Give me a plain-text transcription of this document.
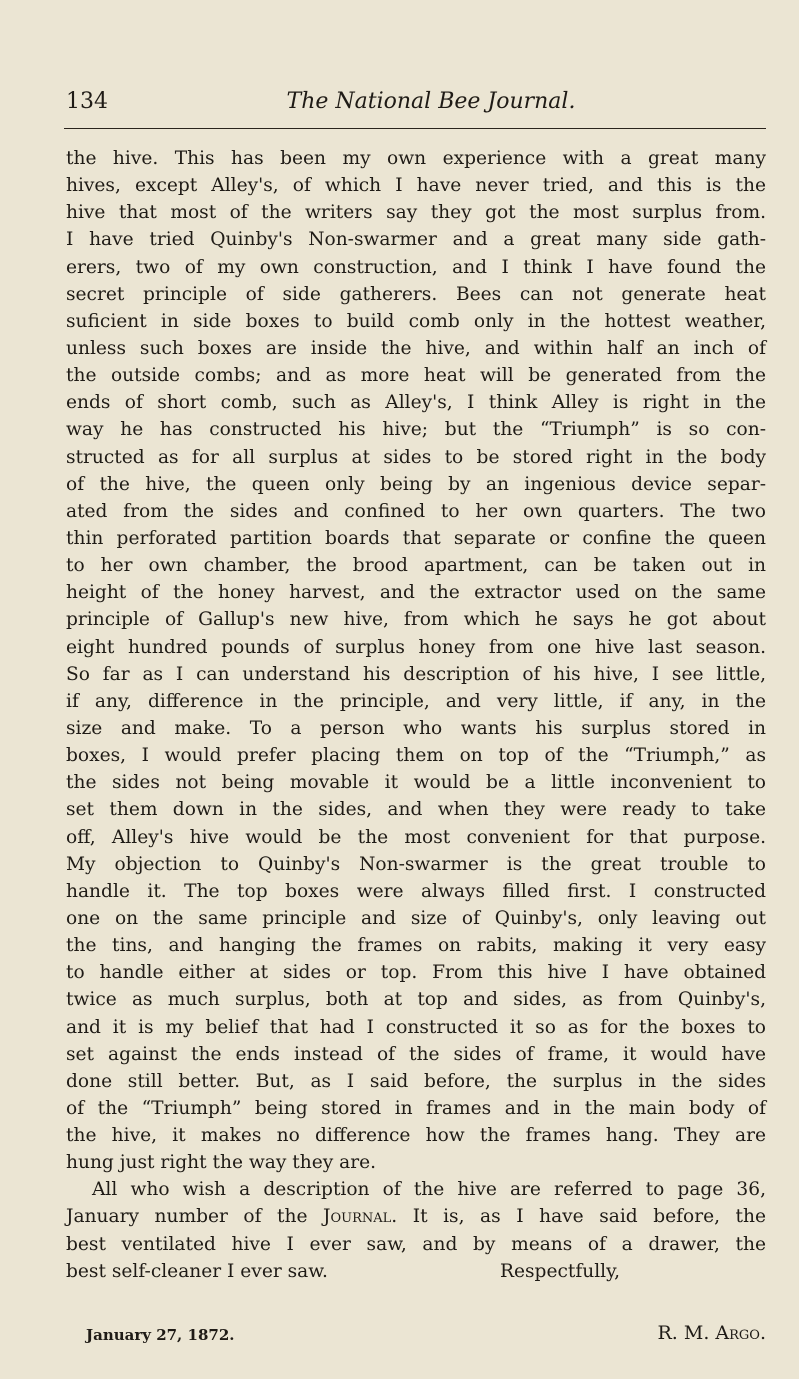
134	The National Bee Journal.
the hive. This has been my own experience with a great many
hives, except Alley's, of which I have never tried, and this is the
hive that most of the writers say they got the most surplus from.
I have tried Quinby's Non-swarmer and a great many side gath-
erers, two of my own construction, and I think I have found the
secret principle of side gatherers. Bees can not generate heat
suficient in side boxes to build comb only in the hottest weather,
unless such boxes are inside the hive, and within half an inch of
the outside combs; and as more heat will be generated from the
ends of short comb, such as Alley's, I think Alley is right in the
way he has constructed his hive; but the “Triumph” is so con-
structed as for all surplus at sides to be stored right in the body
of the hive, the queen only being by an ingenious device separ-
ated from the sides and confined to her own quarters. The two
thin perforated partition boards that separate or confine the queen
to her own chamber, the brood apartment, can be taken out in
height of the honey harvest, and the extractor used on the same
principle of Gallup's new hive, from which he says he got about
eight hundred pounds of surplus honey from one hive last season.
So far as I can understand his description of his hive, I see little,
if any, difference in the principle, and very little, if any, in the
size and make. To a person who wants his surplus stored in
boxes, I would prefer placing them on top of the “Triumph,” as
the sides not being movable it would be a little inconvenient to
set them down in the sides, and when they were ready to take
off, Alley's hive would be the most convenient for that purpose.
My objection to Quinby's Non-swarmer is the great trouble to
handle it. The top boxes were always filled first. I constructed
one on the same principle and size of Quinby's, only leaving out
the tins, and hanging the frames on rabits, making it very easy
to handle either at sides or top. From this hive I have obtained
twice as much surplus, both at top and sides, as from Quinby's,
and it is my belief that had I constructed it so as for the boxes to
set against the ends instead of the sides of frame, it would have
done still better. But, as I said before, the surplus in the sides
of the “Triumph” being stored in frames and in the main body of
the hive, it makes no difference how the frames hang. They are
hung just right the way they are.
All who wish a description of the hive are referred to page 36,
January number of the Journal. It is, as I have said before, the
best ventilated hive I ever saw, and by means of a drawer, the
best self-cleaner I ever saw.	Respectfully,
January 27, 1872.	R. M. Argo.
